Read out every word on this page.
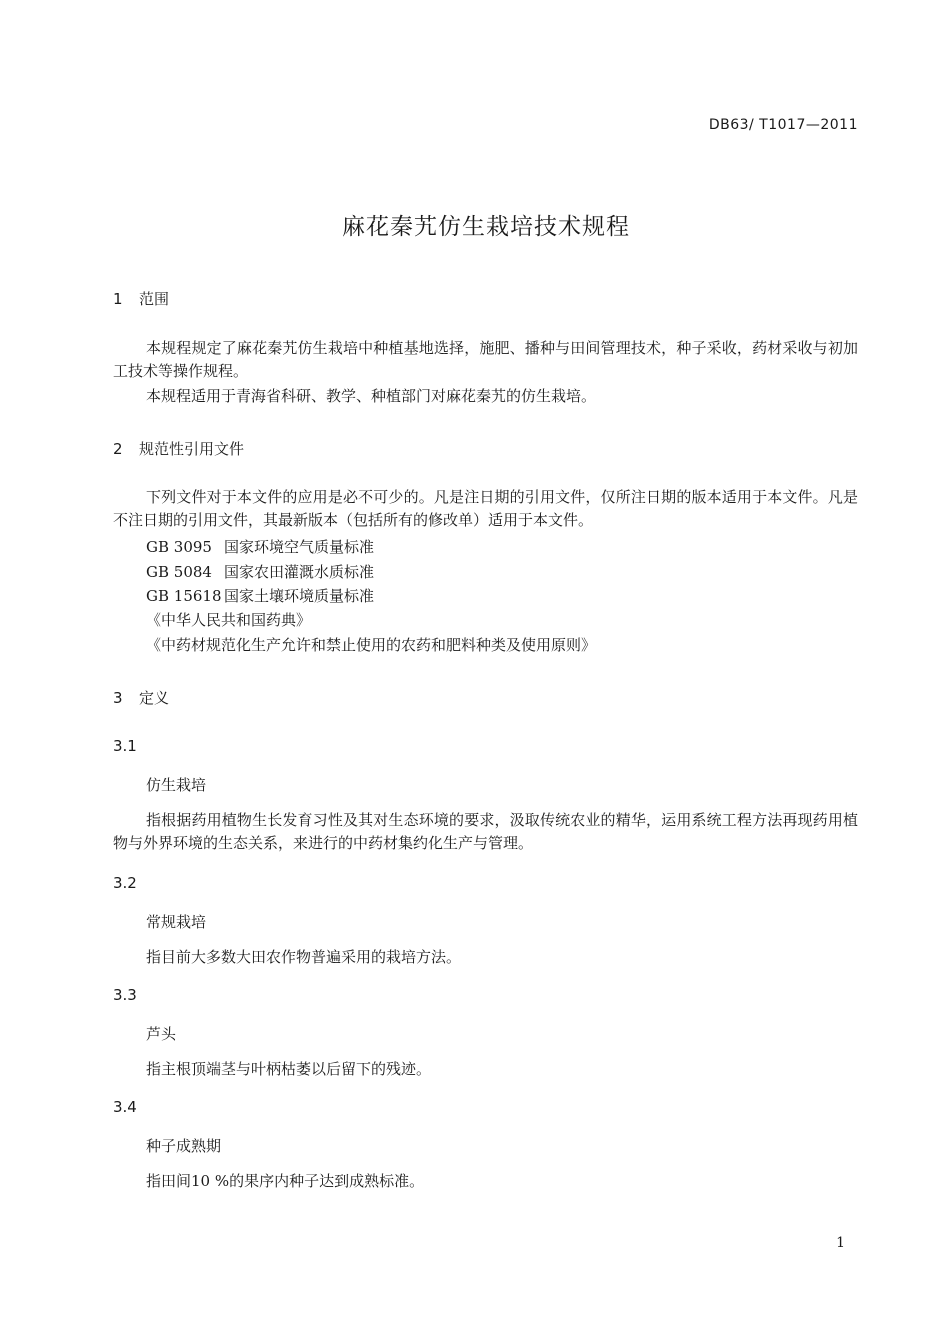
DB63/ T1017—2011
麻花秦艽仿生栽培技术规程
1 范围
本规程规定了麻花秦艽仿生栽培中种植基地选择，施肥、播种与田间管理技术，种子采收，药材采收与初加工技术等操作规程。
本规程适用于青海省科研、教学、种植部门对麻花秦艽的仿生栽培。
2 规范性引用文件
下列文件对于本文件的应用是必不可少的。凡是注日期的引用文件，仅所注日期的版本适用于本文件。凡是不注日期的引用文件，其最新版本（包括所有的修改单）适用于本文件。
GB 3095 国家环境空气质量标准
GB 5084 国家农田灌溉水质标准
GB 15618 国家土壤环境质量标准
《中华人民共和国药典》
《中药材规范化生产允许和禁止使用的农药和肥料种类及使用原则》
3 定义
3.1
仿生栽培
指根据药用植物生长发育习性及其对生态环境的要求，汲取传统农业的精华，运用系统工程方法再现药用植物与外界环境的生态关系，来进行的中药材集约化生产与管理。
3.2
常规栽培
指目前大多数大田农作物普遍采用的栽培方法。
3.3
芦头
指主根顶端茎与叶柄枯萎以后留下的残迹。
3.4
种子成熟期
指田间10 %的果序内种子达到成熟标准。
1
